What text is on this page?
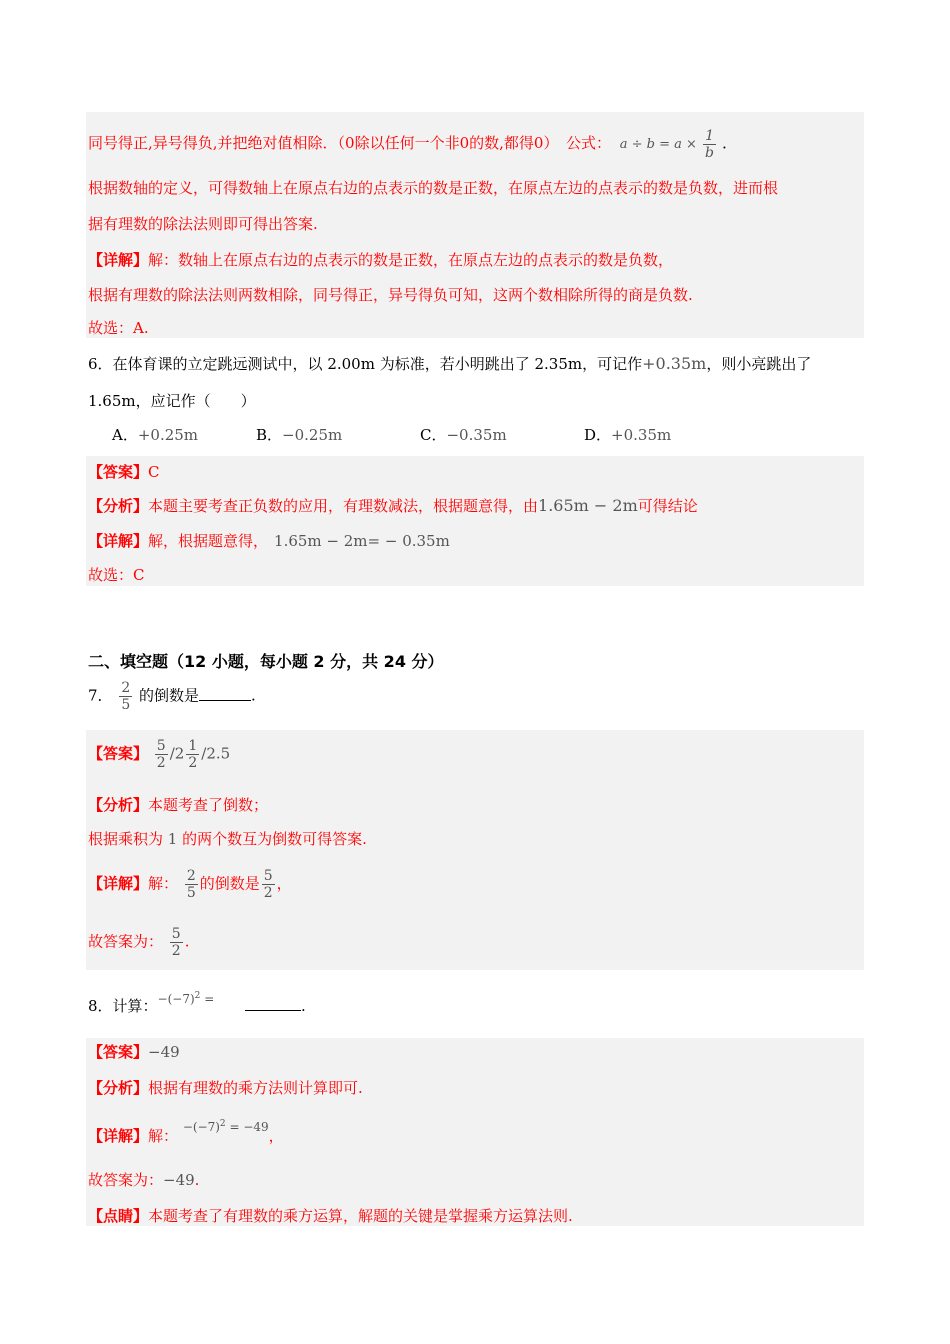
同号得正,异号得负,并把绝对值相除．（0除以任何一个非0的数,都得0）　公式： $a \div b = a \times \frac{1}{b}$ ．
根据数轴的定义，可得数轴上在原点右边的点表示的数是正数，在原点左边的点表示的数是负数，进而根
据有理数的除法法则即可得出答案.
【详解】解：数轴上在原点右边的点表示的数是正数，在原点左边的点表示的数是负数，
根据有理数的除法法则两数相除，同号得正，异号得负可知，这两个数相除所得的商是负数.
故选：A.
6．在体育课的立定跳远测试中，以 2.00m 为标准，若小明跳出了 2.35m，可记作+0.35m，则小亮跳出了
1.65m，应记作（　　）
A．+0.25m	B．−0.25m	C．−0.35m	D．+0.35m
【答案】C
【分析】本题主要考查正负数的应用，有理数减法，根据题意得，由1.65m − 2m可得结论
【详解】解，根据题意得， 1.65m − 2m= − 0.35m
故选：C
二、填空题（12 小题，每小题 2 分，共 24 分）
7． $\frac{2}{5}$ 的倒数是	.
【答案】 $\frac{5}{2} /2 \frac{1}{2} /2.5$
【分析】本题考查了倒数；
根据乘积为 1 的两个数互为倒数可得答案.
【详解】解： $\frac{2}{5}$ 的倒数是 $\frac{5}{2}$ ，
故答案为： $\frac{5}{2}$ .
8．计算：$^{-(-7)^2 =}$	.
【答案】−49
【分析】根据有理数的乘方法则计算即可.
【详解】解： $^{-(-7)^2 = -49}$，
故答案为：−49.
【点睛】本题考查了有理数的乘方运算，解题的关键是掌握乘方运算法则.
